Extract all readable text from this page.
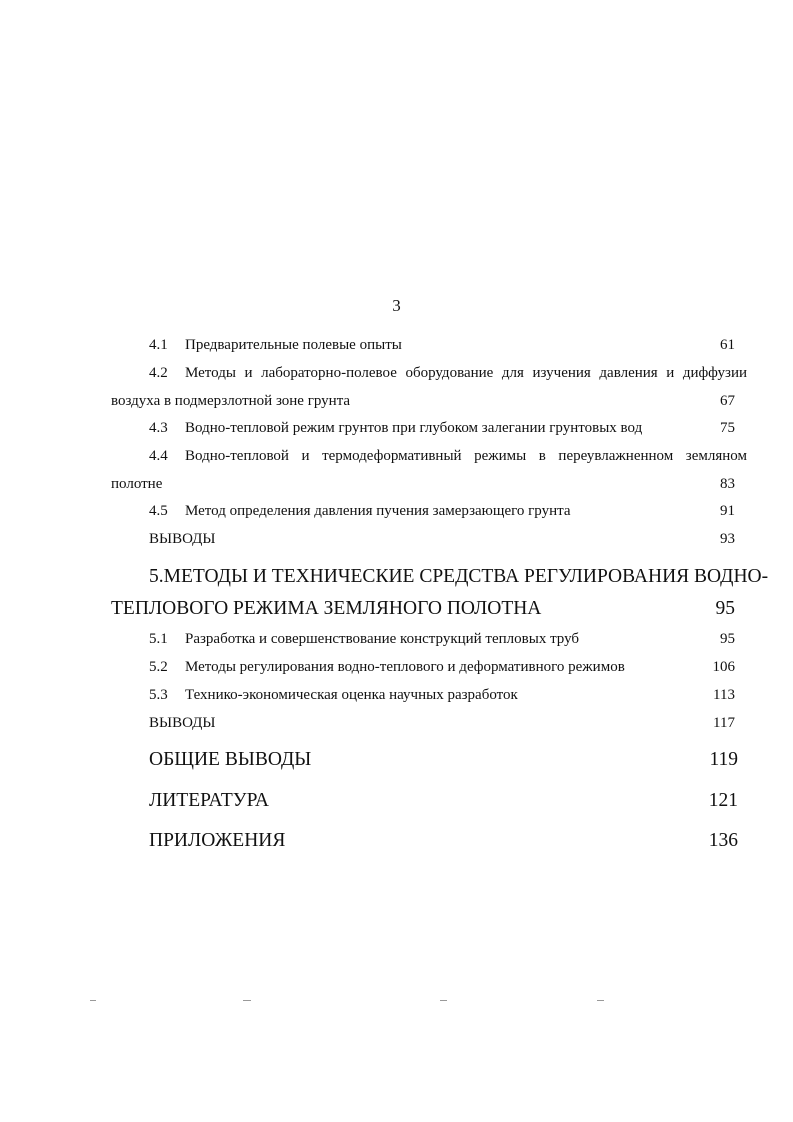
3
4.1 Предварительные полевые опыты	61
4.2 Методы и лабораторно-полевое оборудование для изучения давления и диффузии
воздуха в подмерзлотной зоне грунта	67
4.3 Водно-тепловой режим грунтов при глубоком залегании грунтовых вод	75
4.4 Водно-тепловой и термодеформативный режимы в переувлажненном земляном
полотне	83
4.5 Метод определения давления пучения замерзающего грунта	91
ВЫВОДЫ	93
5.МЕТОДЫ И ТЕХНИЧЕСКИЕ СРЕДСТВА РЕГУЛИРОВАНИЯ ВОДНО-
ТЕПЛОВОГО РЕЖИМА ЗЕМЛЯНОГО ПОЛОТНА	95
5.1 Разработка и совершенствование конструкций тепловых труб	95
5.2 Методы регулирования водно-теплового и деформативного режимов	106
5.3 Технико-экономическая оценка научных разработок	113
ВЫВОДЫ	117
ОБЩИЕ ВЫВОДЫ	119
ЛИТЕРАТУРА	121
ПРИЛОЖЕНИЯ	136
